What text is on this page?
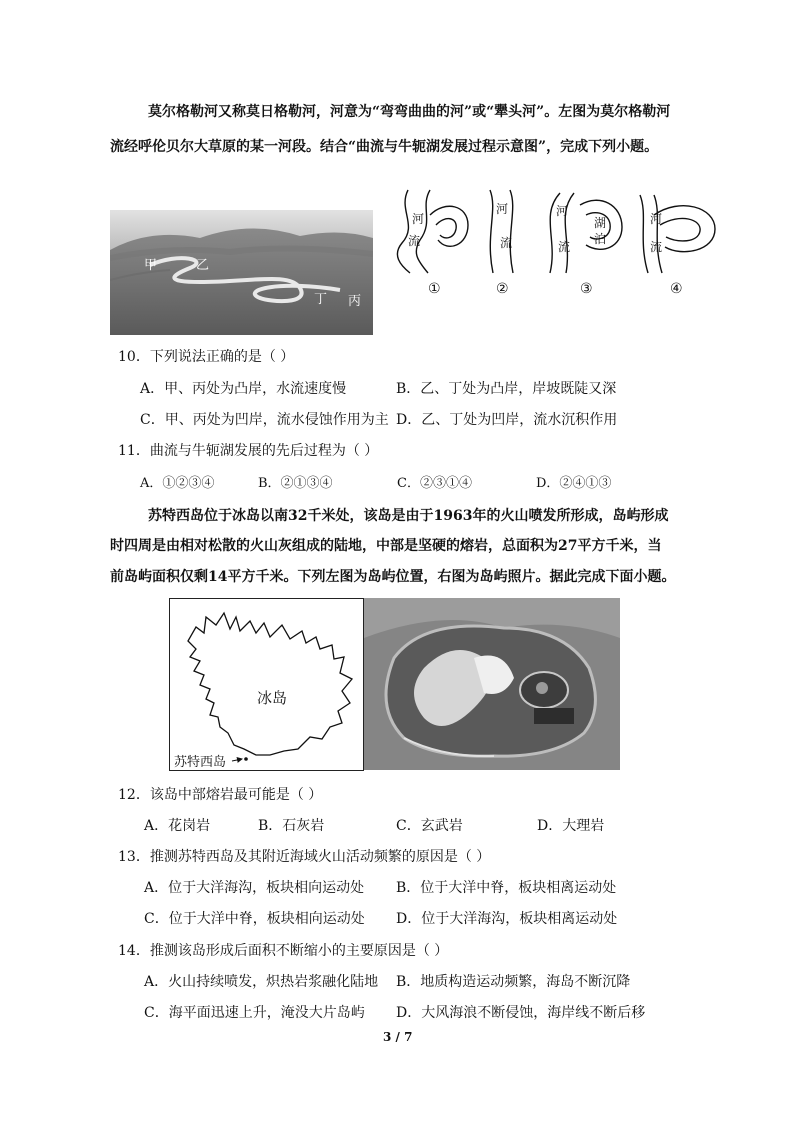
莫尔格勒河又称莫日格勒河，河意为“弯弯曲曲的河”或“犟头河”。左图为莫尔格勒河
流经呼伦贝尔大草原的某一河段。结合“曲流与牛轭湖发展过程示意图”，完成下列小题。
甲	乙
丁 丙
河
流
河
流
河
流
湖
泊
河
流
①	②	③	④
10．下列说法正确的是（ ）
A．甲、丙处为凸岸，水流速度慢	B．乙、丁处为凸岸，岸坡既陡又深
C．甲、丙处为凹岸，流水侵蚀作用为主 D．乙、丁处为凹岸，流水沉积作用
11．曲流与牛轭湖发展的先后过程为（ ）
A．①②③④	B．②①③④	C．②③①④	D．②④①③
苏特西岛位于冰岛以南32千米处，该岛是由于1963年的火山喷发所形成，岛屿形成
时四周是由相对松散的火山灰组成的陆地，中部是坚硬的熔岩，总面积为27平方千米，当
前岛屿面积仅剩14平方千米。下列左图为岛屿位置，右图为岛屿照片。据此完成下面小题。
冰岛
苏特西岛
12．该岛中部熔岩最可能是（ ）
A．花岗岩	B．石灰岩	C．玄武岩	D．大理岩
13．推测苏特西岛及其附近海域火山活动频繁的原因是（ ）
A．位于大洋海沟，板块相向运动处 B．位于大洋中脊，板块相离运动处
C．位于大洋中脊，板块相向运动处 D．位于大洋海沟，板块相离运动处
14．推测该岛形成后面积不断缩小的主要原因是（ ）
A．火山持续喷发，炽热岩浆融化陆地 B．地质构造运动频繁，海岛不断沉降
C．海平面迅速上升，淹没大片岛屿 D．大风海浪不断侵蚀，海岸线不断后移
3 / 7
